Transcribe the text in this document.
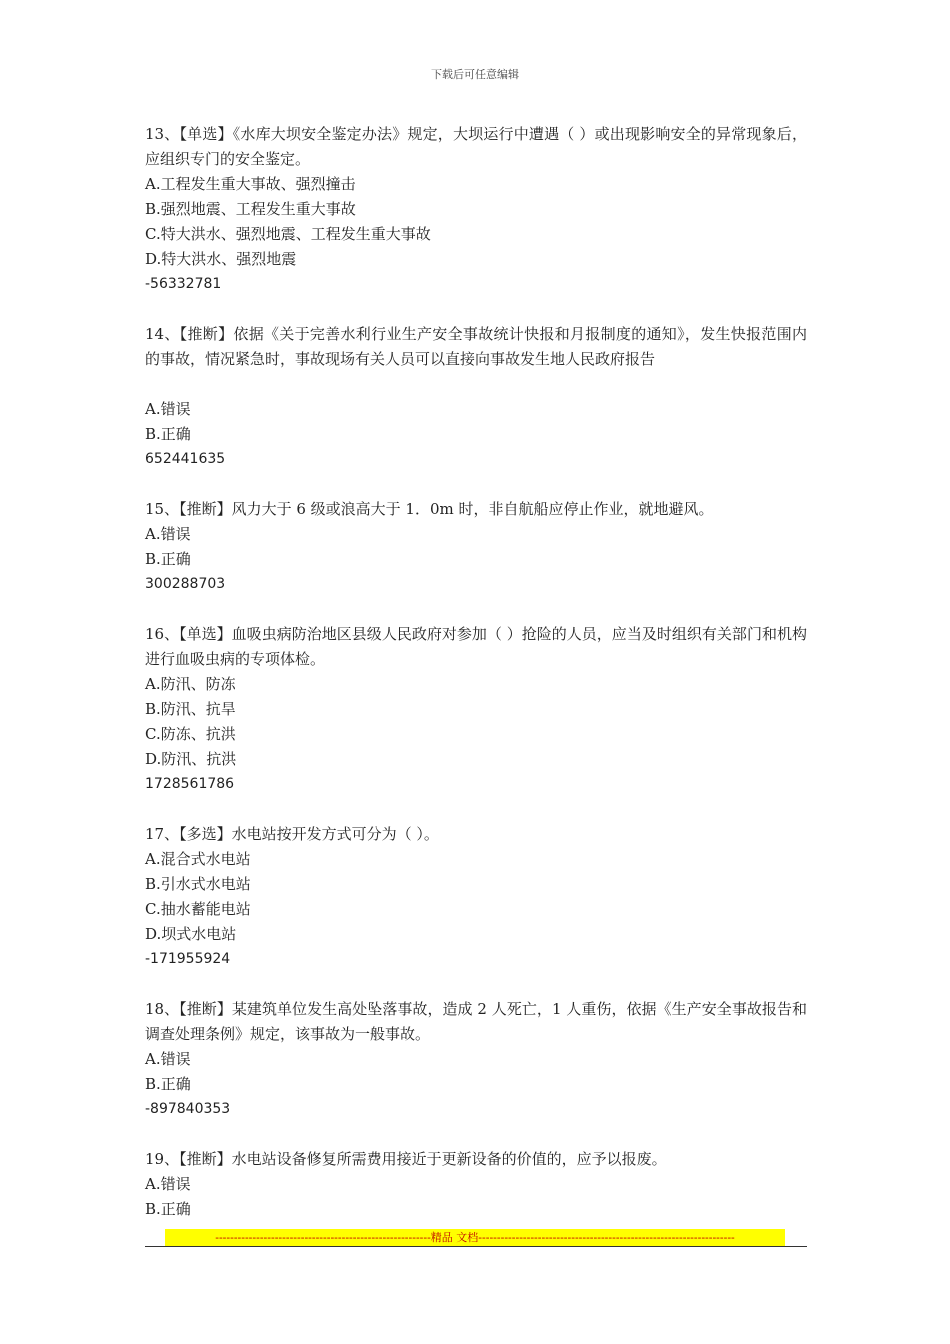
下载后可任意编辑
13、【单选】《水库大坝安全鉴定办法》规定，大坝运行中遭遇（ ）或出现影响安全的异常现象后，应组织专门的安全鉴定。
A.工程发生重大事故、强烈撞击
B.强烈地震、工程发生重大事故
C.特大洪水、强烈地震、工程发生重大事故
D.特大洪水、强烈地震
-56332781
14、【推断】依据《关于完善水利行业生产安全事故统计快报和月报制度的通知》，发生快报范围内的事故，情况紧急时，事故现场有关人员可以直接向事故发生地人民政府报告
A.错误
B.正确
652441635
15、【推断】风力大于 6 级或浪高大于 1．0m 时，非自航船应停止作业，就地避风。
A.错误
B.正确
300288703
16、【单选】血吸虫病防治地区县级人民政府对参加（ ）抢险的人员，应当及时组织有关部门和机构进行血吸虫病的专项体检。
A.防汛、防冻
B.防汛、抗旱
C.防冻、抗洪
D.防汛、抗洪
1728561786
17、【多选】水电站按开发方式可分为（ ）。
A.混合式水电站
B.引水式水电站
C.抽水蓄能电站
D.坝式水电站
-171955924
18、【推断】某建筑单位发生高处坠落事故，造成 2 人死亡，1 人重伤，依据《生产安全事故报告和调查处理条例》规定，该事故为一般事故。
A.错误
B.正确
-897840353
19、【推断】水电站设备修复所需费用接近于更新设备的价值的，应予以报废。
A.错误
B.正确
----------------------------------------------------------精品 文档---------------------------------------------------------------------
